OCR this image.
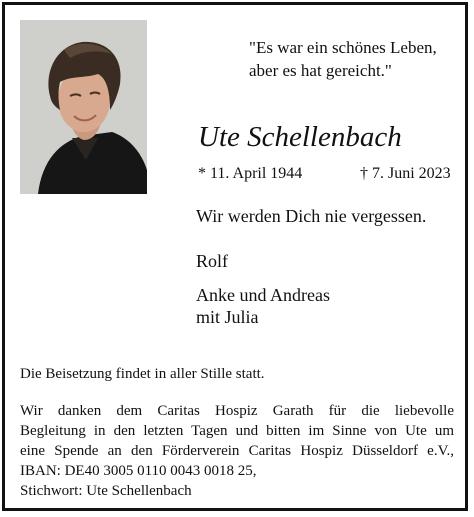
"Es war ein schönes Leben,
aber es hat gereicht."
Ute Schellenbach
* 11. April 1944	† 7. Juni 2023
Wir werden Dich nie vergessen.
Rolf
Anke und Andreas
mit Julia
Die Beisetzung findet in aller Stille statt.
Wir danken dem Caritas Hospiz Garath für die liebevolle
Begleitung in den letzten Tagen und bitten im Sinne von Ute um
eine Spende an den Förderverein Caritas Hospiz Düsseldorf e.V.,
IBAN: DE40 3005 0110 0043 0018 25,
Stichwort: Ute Schellenbach
